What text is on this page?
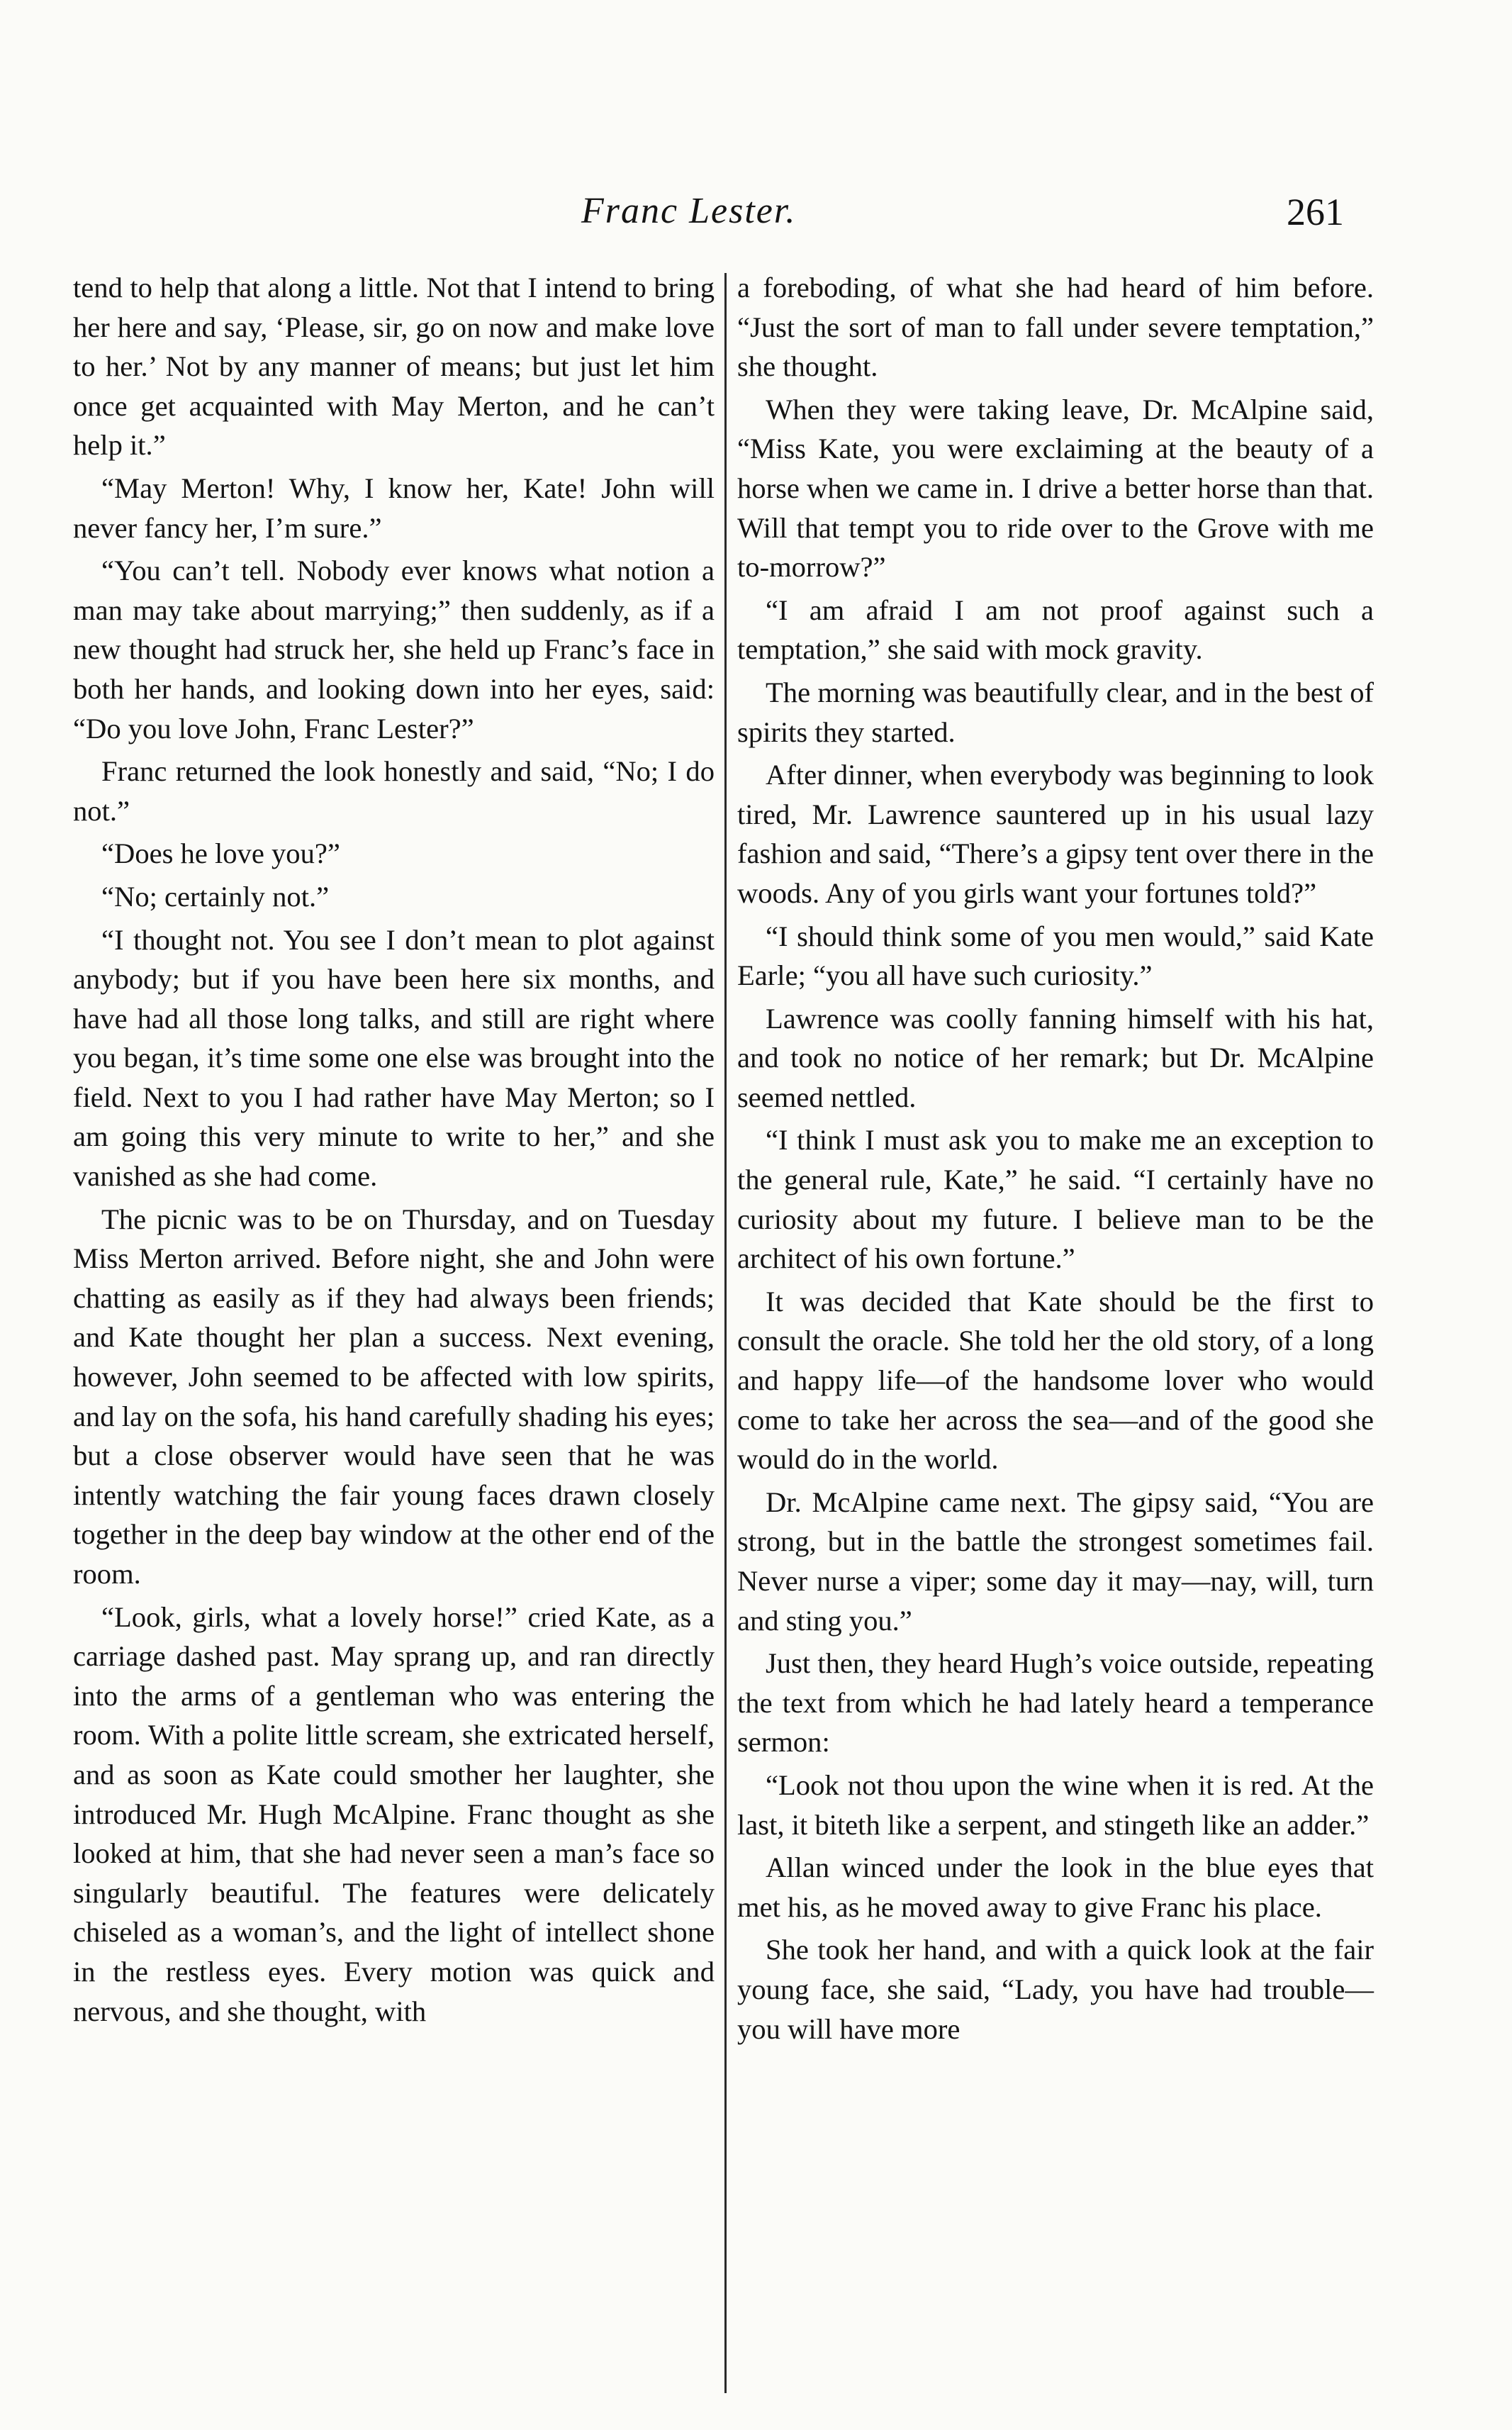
Franc Lester.	261

tend to help that along a little. Not that I intend to bring her here and say, ‘Please, sir, go on now and make love to her.’ Not by any manner of means; but just let him once get acquainted with May Merton, and he can’t help it.”

“May Merton! Why, I know her, Kate! John will never fancy her, I’m sure.”

“You can’t tell. Nobody ever knows what notion a man may take about marrying;” then suddenly, as if a new thought had struck her, she held up Franc’s face in both her hands, and looking down into her eyes, said: “Do you love John, Franc Lester?”

Franc returned the look honestly and said, “No; I do not.”

“Does he love you?”

“No; certainly not.”

“I thought not. You see I don’t mean to plot against anybody; but if you have been here six months, and have had all those long talks, and still are right where you began, it’s time some one else was brought into the field. Next to you I had rather have May Merton; so I am going this very minute to write to her,” and she vanished as she had come.

The picnic was to be on Thursday, and on Tuesday Miss Merton arrived. Before night, she and John were chatting as easily as if they had always been friends; and Kate thought her plan a success. Next evening, however, John seemed to be affected with low spirits, and lay on the sofa, his hand carefully shading his eyes; but a close observer would have seen that he was intently watching the fair young faces drawn closely together in the deep bay window at the other end of the room.

“Look, girls, what a lovely horse!” cried Kate, as a carriage dashed past. May sprang up, and ran directly into the arms of a gentleman who was entering the room. With a polite little scream, she extricated herself, and as soon as Kate could smother her laughter, she introduced Mr. Hugh McAlpine. Franc thought as she looked at him, that she had never seen a man’s face so singularly beautiful. The features were delicately chiseled as a woman’s, and the light of intellect shone in the restless eyes. Every motion was quick and nervous, and she thought, with

a foreboding, of what she had heard of him before. “Just the sort of man to fall under severe temptation,” she thought.

When they were taking leave, Dr. McAlpine said, “Miss Kate, you were exclaiming at the beauty of a horse when we came in. I drive a better horse than that. Will that tempt you to ride over to the Grove with me to-morrow?”

“I am afraid I am not proof against such a temptation,” she said with mock gravity.

The morning was beautifully clear, and in the best of spirits they started.

After dinner, when everybody was beginning to look tired, Mr. Lawrence sauntered up in his usual lazy fashion and said, “There’s a gipsy tent over there in the woods. Any of you girls want your fortunes told?”

“I should think some of you men would,” said Kate Earle; “you all have such curiosity.”

Lawrence was coolly fanning himself with his hat, and took no notice of her remark; but Dr. McAlpine seemed nettled.

“I think I must ask you to make me an exception to the general rule, Kate,” he said. “I certainly have no curiosity about my future. I believe man to be the architect of his own fortune.”

It was decided that Kate should be the first to consult the oracle. She told her the old story, of a long and happy life—of the handsome lover who would come to take her across the sea—and of the good she would do in the world.

Dr. McAlpine came next. The gipsy said, “You are strong, but in the battle the strongest sometimes fail. Never nurse a viper; some day it may—nay, will, turn and sting you.”

Just then, they heard Hugh’s voice outside, repeating the text from which he had lately heard a temperance sermon:

“Look not thou upon the wine when it is red. At the last, it biteth like a serpent, and stingeth like an adder.”

Allan winced under the look in the blue eyes that met his, as he moved away to give Franc his place.

She took her hand, and with a quick look at the fair young face, she said, “Lady, you have had trouble—you will have more
